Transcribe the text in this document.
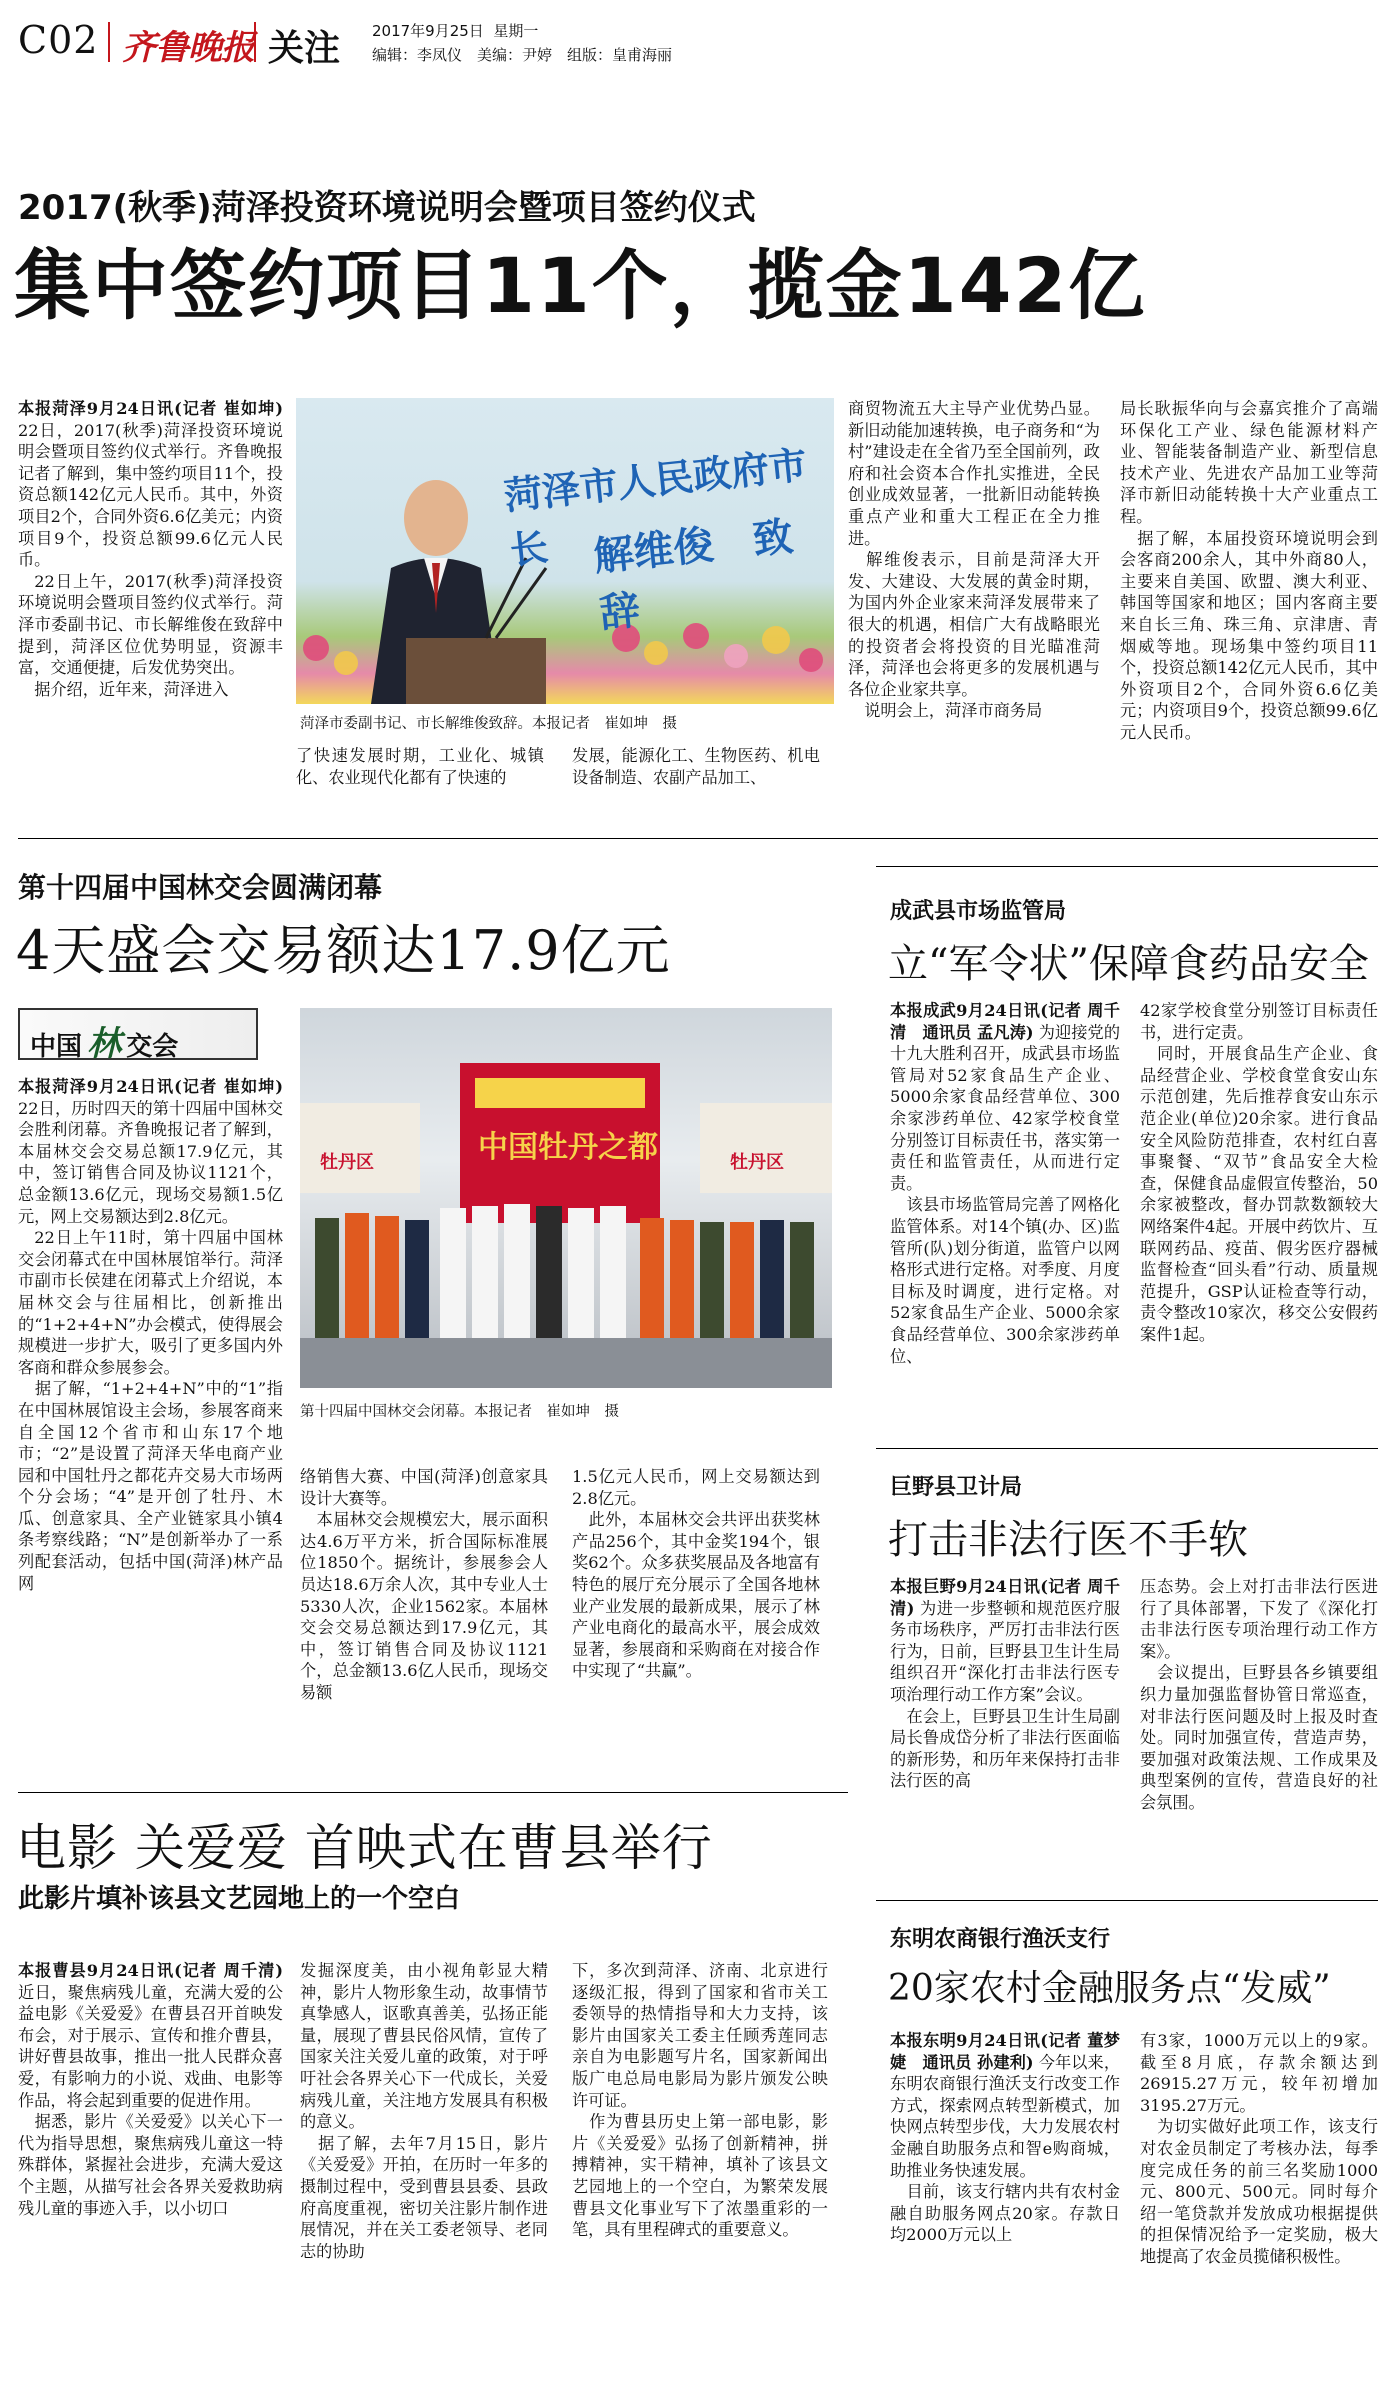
C02 齐鲁晚报 关注 2017年9月25日 星期一
编辑：李凤仪　美编：尹婷　组版：皇甫海丽
2017(秋季)菏泽投资环境说明会暨项目签约仪式
集中签约项目11个，揽金142亿
本报菏泽9月24日讯(记者 崔如坤) 22日，2017(秋季)菏泽投资环境说明会暨项目签约仪式举行。齐鲁晚报记者了解到，集中签约项目11个，投资总额142亿元人民币。其中，外资项目2个，合同外资6.6亿美元；内资项目9个，投资总额99.6亿元人民币。
 22日上午，2017(秋季)菏泽投资环境说明会暨项目签约仪式举行。菏泽市委副书记、市长解维俊在致辞中提到，菏泽区位优势明显，资源丰富，交通便捷，后发优势突出。
 据介绍，近年来，菏泽进入
菏泽市人民政府市长	解维俊　致辞
菏泽市委副书记、市长解维俊致辞。本报记者　崔如坤　摄
了快速发展时期，工业化、城镇化、农业现代化都有了快速的
发展，能源化工、生物医药、机电设备制造、农副产品加工、
商贸物流五大主导产业优势凸显。新旧动能加速转换，电子商务和“为村”建设走在全省乃至全国前列，政府和社会资本合作扎实推进，全民创业成效显著，一批新旧动能转换重点产业和重大工程正在全力推进。
 解维俊表示，目前是菏泽大开发、大建设、大发展的黄金时期，为国内外企业家来菏泽发展带来了很大的机遇，相信广大有战略眼光的投资者会将投资的目光瞄准菏泽，菏泽也会将更多的发展机遇与各位企业家共享。
 说明会上，菏泽市商务局
局长耿振华向与会嘉宾推介了高端环保化工产业、绿色能源材料产业、智能装备制造产业、新型信息技术产业、先进农产品加工业等菏泽市新旧动能转换十大产业重点工程。
 据了解，本届投资环境说明会到会客商200余人，其中外商80人，主要来自美国、欧盟、澳大利亚、韩国等国家和地区；国内客商主要来自长三角、珠三角、京津唐、青烟威等地。现场集中签约项目11个，投资总额142亿元人民币，其中外资项目2个，合同外资6.6亿美元；内资项目9个，投资总额99.6亿元人民币。
第十四届中国林交会圆满闭幕
4天盛会交易额达17.9亿元
中国 林 交会
本报菏泽9月24日讯(记者 崔如坤) 22日，历时四天的第十四届中国林交会胜利闭幕。齐鲁晚报记者了解到，本届林交会交易总额17.9亿元，其中，签订销售合同及协议1121个，总金额13.6亿元，现场交易额1.5亿元，网上交易额达到2.8亿元。
 22日上午11时，第十四届中国林交会闭幕式在中国林展馆举行。菏泽市副市长侯建在闭幕式上介绍说，本届林交会与往届相比，创新推出的“1+2+4+N”办会模式，使得展会规模进一步扩大，吸引了更多国内外客商和群众参展参会。
 据了解，“1+2+4+N”中的“1”指在中国林展馆设主会场，参展客商来自全国12个省市和山东17个地市；“2”是设置了菏泽天华电商产业园和中国牡丹之都花卉交易大市场两个分会场；“4”是开创了牡丹、木瓜、创意家具、全产业链家具小镇4条考察线路；“N”是创新举办了一系列配套活动，包括中国(菏泽)林产品网
中国牡丹之都
牡丹区	牡丹区
第十四届中国林交会闭幕。本报记者　崔如坤　摄
络销售大赛、中国(菏泽)创意家具设计大赛等。
 本届林交会规模宏大，展示面积达4.6万平方米，折合国际标准展位1850个。据统计，参展参会人员达18.6万余人次，其中专业人士5330人次，企业1562家。本届林交会交易总额达到17.9亿元，其中，签订销售合同及协议1121个，总金额13.6亿人民币，现场交易额
1.5亿元人民币，网上交易额达到2.8亿元。
 此外，本届林交会共评出获奖林产品256个，其中金奖194个，银奖62个。众多获奖展品及各地富有特色的展厅充分展示了全国各地林业产业发展的最新成果，展示了林产业电商化的最高水平，展会成效显著，参展商和采购商在对接合作中实现了“共赢”。
成武县市场监管局
立“军令状”保障食药品安全
本报成武9月24日讯(记者 周千清　通讯员 孟凡涛) 为迎接党的十九大胜利召开，成武县市场监管局对52家食品生产企业、5000余家食品经营单位、300余家涉药单位、42家学校食堂分别签订目标责任书，落实第一责任和监管责任，从而进行定责。
 该县市场监管局完善了网格化监管体系。对14个镇(办、区)监管所(队)划分街道，监管户以网格形式进行定格。对季度、月度目标及时调度，进行定格。对52家食品生产企业、5000余家食品经营单位、300余家涉药单位、
42家学校食堂分别签订目标责任书，进行定责。
 同时，开展食品生产企业、食品经营企业、学校食堂食安山东示范创建，先后推荐食安山东示范企业(单位)20余家。进行食品安全风险防范排查，农村红白喜事聚餐、“双节”食品安全大检查，保健食品虚假宣传整治，50余家被整改，督办罚款数额较大网络案件4起。开展中药饮片、互联网药品、疫苗、假劣医疗器械监督检查“回头看”行动、质量规范提升，GSP认证检查等行动，责令整改10家次，移交公安假药案件1起。
巨野县卫计局
打击非法行医不手软
本报巨野9月24日讯(记者 周千清) 为进一步整顿和规范医疗服务市场秩序，严厉打击非法行医行为，日前，巨野县卫生计生局组织召开“深化打击非法行医专项治理行动工作方案”会议。
 在会上，巨野县卫生计生局副局长鲁成岱分析了非法行医面临的新形势，和历年来保持打击非法行医的高
压态势。会上对打击非法行医进行了具体部署，下发了《深化打击非法行医专项治理行动工作方案》。
 会议提出，巨野县各乡镇要组织力量加强监督协管日常巡查，对非法行医问题及时上报及时查处。同时加强宣传，营造声势，要加强对政策法规、工作成果及典型案例的宣传，营造良好的社会氛围。
电影 关爱爱 首映式在曹县举行
此影片填补该县文艺园地上的一个空白
本报曹县9月24日讯(记者 周千清) 近日，聚焦病残儿童，充满大爱的公益电影《关爱爱》在曹县召开首映发布会，对于展示、宣传和推介曹县，讲好曹县故事，推出一批人民群众喜爱，有影响力的小说、戏曲、电影等作品，将会起到重要的促进作用。
 据悉，影片《关爱爱》以关心下一代为指导思想，聚焦病残儿童这一特殊群体，紧握社会进步，充满大爱这个主题，从描写社会各界关爱救助病残儿童的事迹入手，以小切口
发掘深度美，由小视角彰显大精神，影片人物形象生动，故事情节真挚感人，讴歌真善美，弘扬正能量，展现了曹县民俗风情，宣传了国家关注关爱儿童的政策，对于呼吁社会各界关心下一代成长，关爱病残儿童，关注地方发展具有积极的意义。
 据了解，去年7月15日，影片《关爱爱》开拍，在历时一年多的摄制过程中，受到曹县县委、县政府高度重视，密切关注影片制作进展情况，并在关工委老领导、老同志的协助
下，多次到菏泽、济南、北京进行逐级汇报，得到了国家和省市关工委领导的热情指导和大力支持，该影片由国家关工委主任顾秀莲同志亲自为电影题写片名，国家新闻出版广电总局电影局为影片颁发公映许可证。
 作为曹县历史上第一部电影，影片《关爱爱》弘扬了创新精神，拼搏精神，实干精神，填补了该县文艺园地上的一个空白，为繁荣发展曹县文化事业写下了浓墨重彩的一笔，具有里程碑式的重要意义。
东明农商银行渔沃支行
20家农村金融服务点“发威”
本报东明9月24日讯(记者 董梦婕　通讯员 孙建利) 今年以来，东明农商银行渔沃支行改变工作方式，探索网点转型新模式，加快网点转型步伐，大力发展农村金融自助服务点和智e购商城，助推业务快速发展。
 目前，该支行辖内共有农村金融自助服务网点20家。存款日均2000万元以上
有3家，1000万元以上的9家。截至8月底，存款余额达到26915.27万元，较年初增加3195.27万元。
 为切实做好此项工作，该支行对农金员制定了考核办法，每季度完成任务的前三名奖励1000元、800元、500元。同时每介绍一笔贷款并发放成功根据提供的担保情况给予一定奖励，极大地提高了农金员揽储积极性。
